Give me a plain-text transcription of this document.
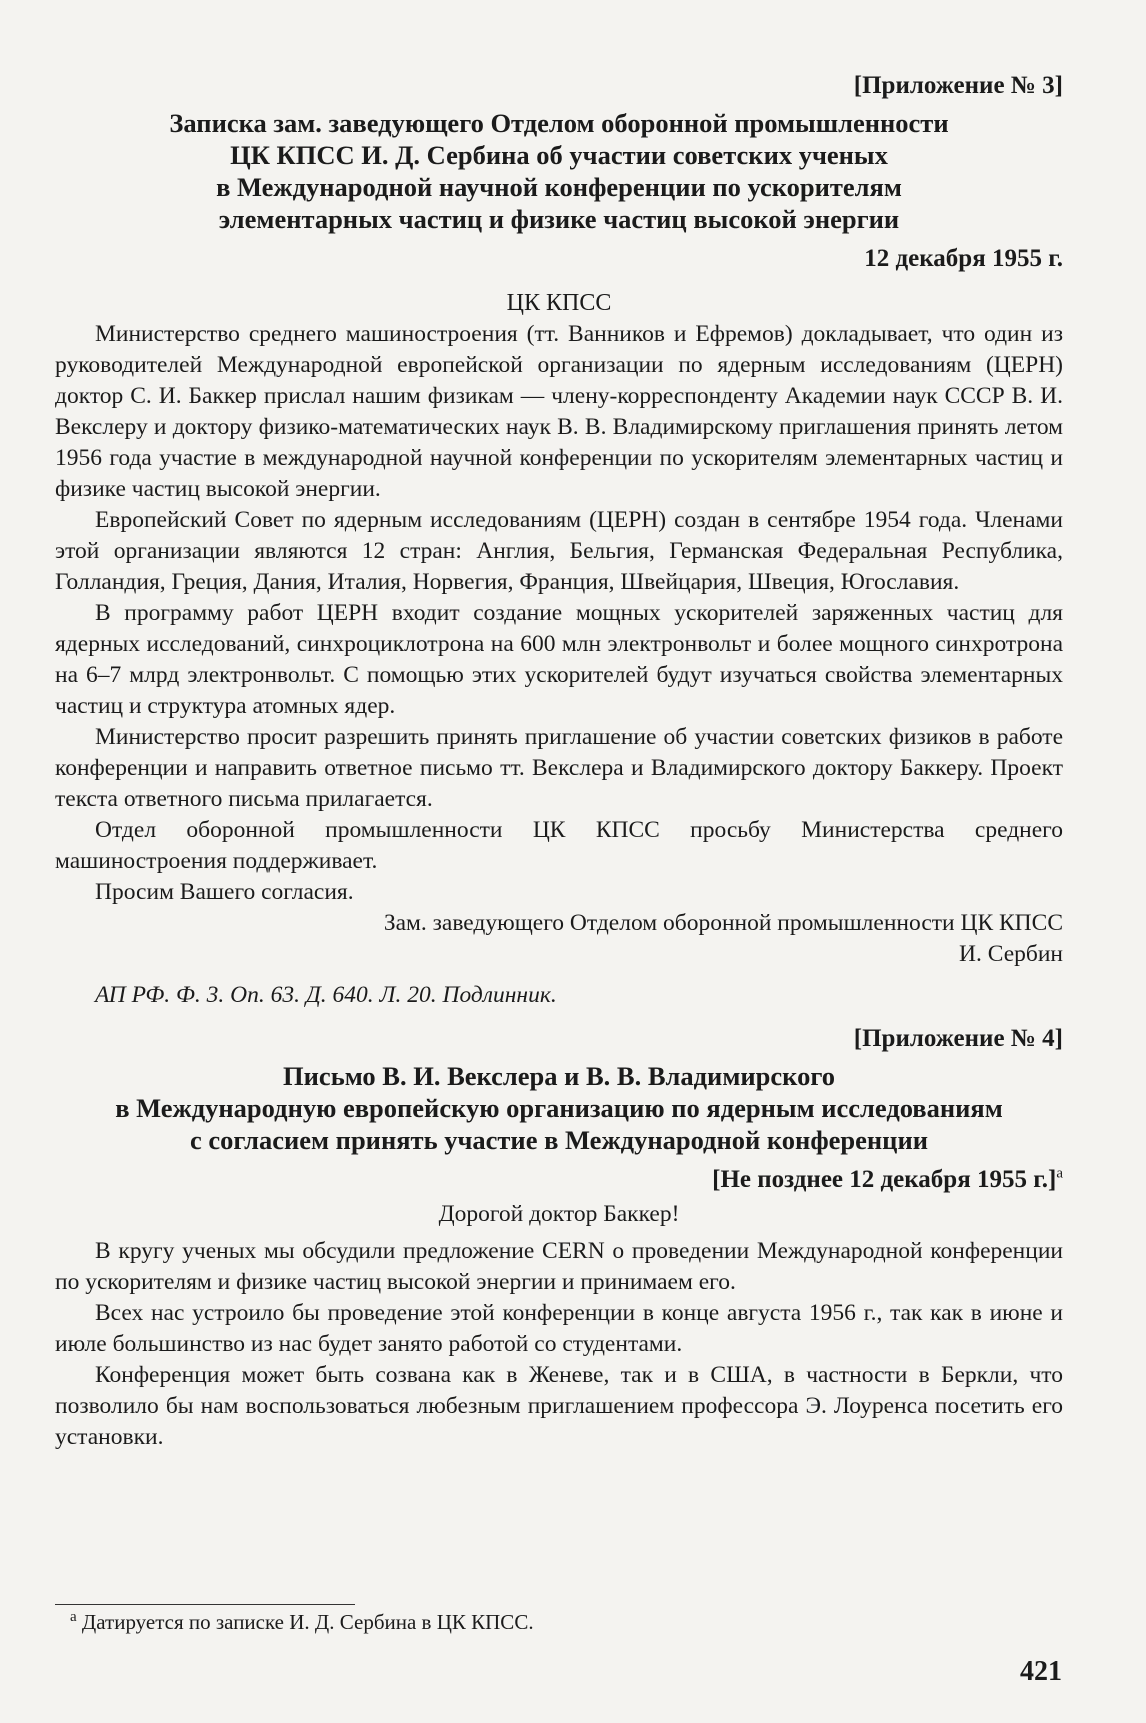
[Приложение № 3]
Записка зам. заведующего Отделом оборонной промышленности
ЦК КПСС И. Д. Сербина об участии советских ученых
в Международной научной конференции по ускорителям
элементарных частиц и физике частиц высокой энергии
12 декабря 1955 г.
ЦК КПСС

Министерство среднего машиностроения (тт. Ванников и Ефремов) докладывает, что один из руководителей Международной европейской организации по ядерным исследованиям (ЦЕРН) доктор С. И. Баккер прислал нашим физикам — члену-корреспонденту Академии наук СССР В. И. Векслеру и доктору физико-математических наук В. В. Владимирскому приглашения принять летом 1956 года участие в международной научной конференции по ускорителям элементарных частиц и физике частиц высокой энергии.

Европейский Совет по ядерным исследованиям (ЦЕРН) создан в сентябре 1954 года. Членами этой организации являются 12 стран: Англия, Бельгия, Германская Федеральная Республика, Голландия, Греция, Дания, Италия, Норвегия, Франция, Швейцария, Швеция, Югославия.

В программу работ ЦЕРН входит создание мощных ускорителей заряженных частиц для ядерных исследований, синхроциклотрона на 600 млн электронвольт и более мощного синхротрона на 6–7 млрд электронвольт. С помощью этих ускорителей будут изучаться свойства элементарных частиц и структура атомных ядер.

Министерство просит разрешить принять приглашение об участии советских физиков в работе конференции и направить ответное письмо тт. Векслера и Владимирского доктору Баккеру. Проект текста ответного письма прилагается.

Отдел оборонной промышленности ЦК КПСС просьбу Министерства среднего машиностроения поддерживает.

Просим Вашего согласия.

Зам. заведующего Отделом оборонной промышленности ЦК КПСС
И. Сербин
АП РФ. Ф. 3. Оп. 63. Д. 640. Л. 20. Подлинник.
[Приложение № 4]
Письмо В. И. Векслера и В. В. Владимирского
в Международную европейскую организацию по ядерным исследованиям
с согласием принять участие в Международной конференции
[Не позднее 12 декабря 1955 г.]$^а$
Дорогой доктор Баккер!

В кругу ученых мы обсудили предложение CERN о проведении Международной конференции по ускорителям и физике частиц высокой энергии и принимаем его.

Всех нас устроило бы проведение этой конференции в конце августа 1956 г., так как в июне и июле большинство из нас будет занято работой со студентами.

Конференция может быть созвана как в Женеве, так и в США, в частности в Беркли, что позволило бы нам воспользоваться любезным приглашением профессора Э. Лоуренса посетить его установки.

$^а$ Датируется по записке И. Д. Сербина в ЦК КПСС.
421
